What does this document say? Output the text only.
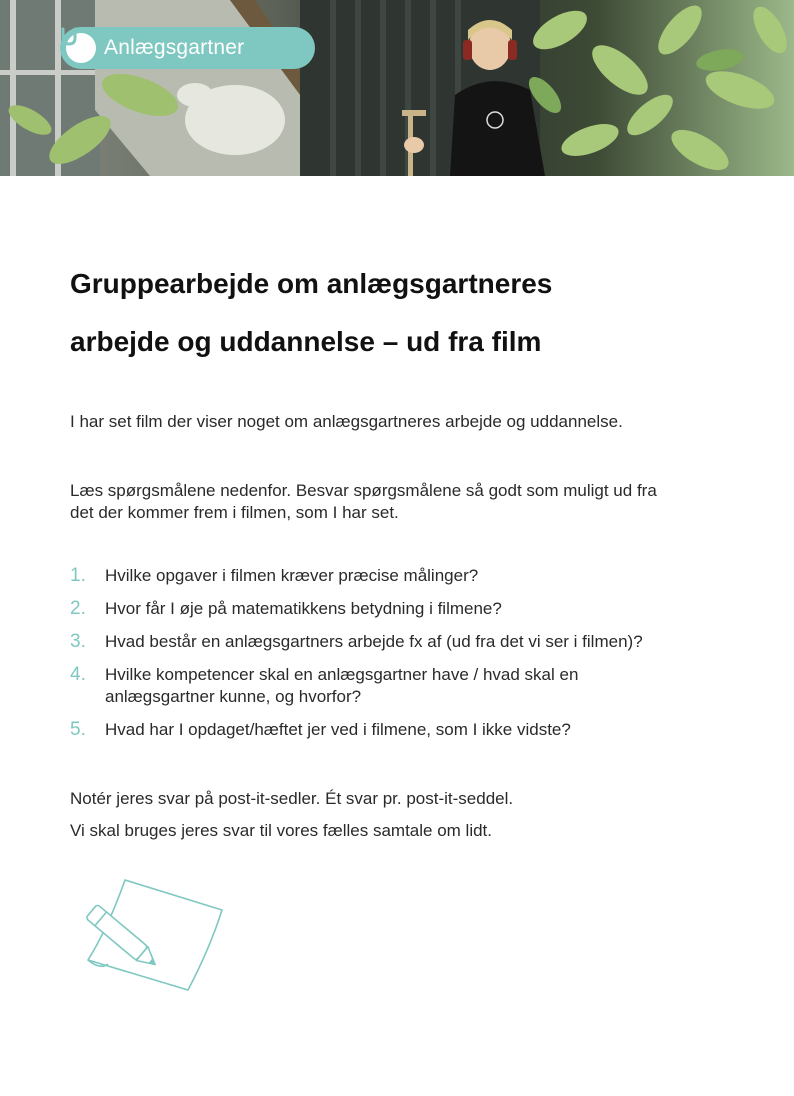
Anlægsgartner
Gruppearbejde om anlægsgartneres
arbejde og uddannelse – ud fra film

I har set film der viser noget om anlægsgartneres arbejde og uddannelse.

Læs spørgsmålene nedenfor. Besvar spørgsmålene så godt som muligt ud fra
det der kommer frem i filmen, som I har set.

1.	Hvilke opgaver i filmen kræver præcise målinger?
2.	Hvor får I øje på matematikkens betydning i filmene?
3.	Hvad består en anlægsgartners arbejde fx af (ud fra det vi ser i filmen)?
4.	Hvilke kompetencer skal en anlægsgartner have / hvad skal en
anlægsgartner kunne, og hvorfor?
5.	Hvad har I opdaget/hæftet jer ved i filmene, som I ikke vidste?

Notér jeres svar på post-it-sedler. Ét svar pr. post-it-seddel.

Vi skal bruges jeres svar til vores fælles samtale om lidt.
